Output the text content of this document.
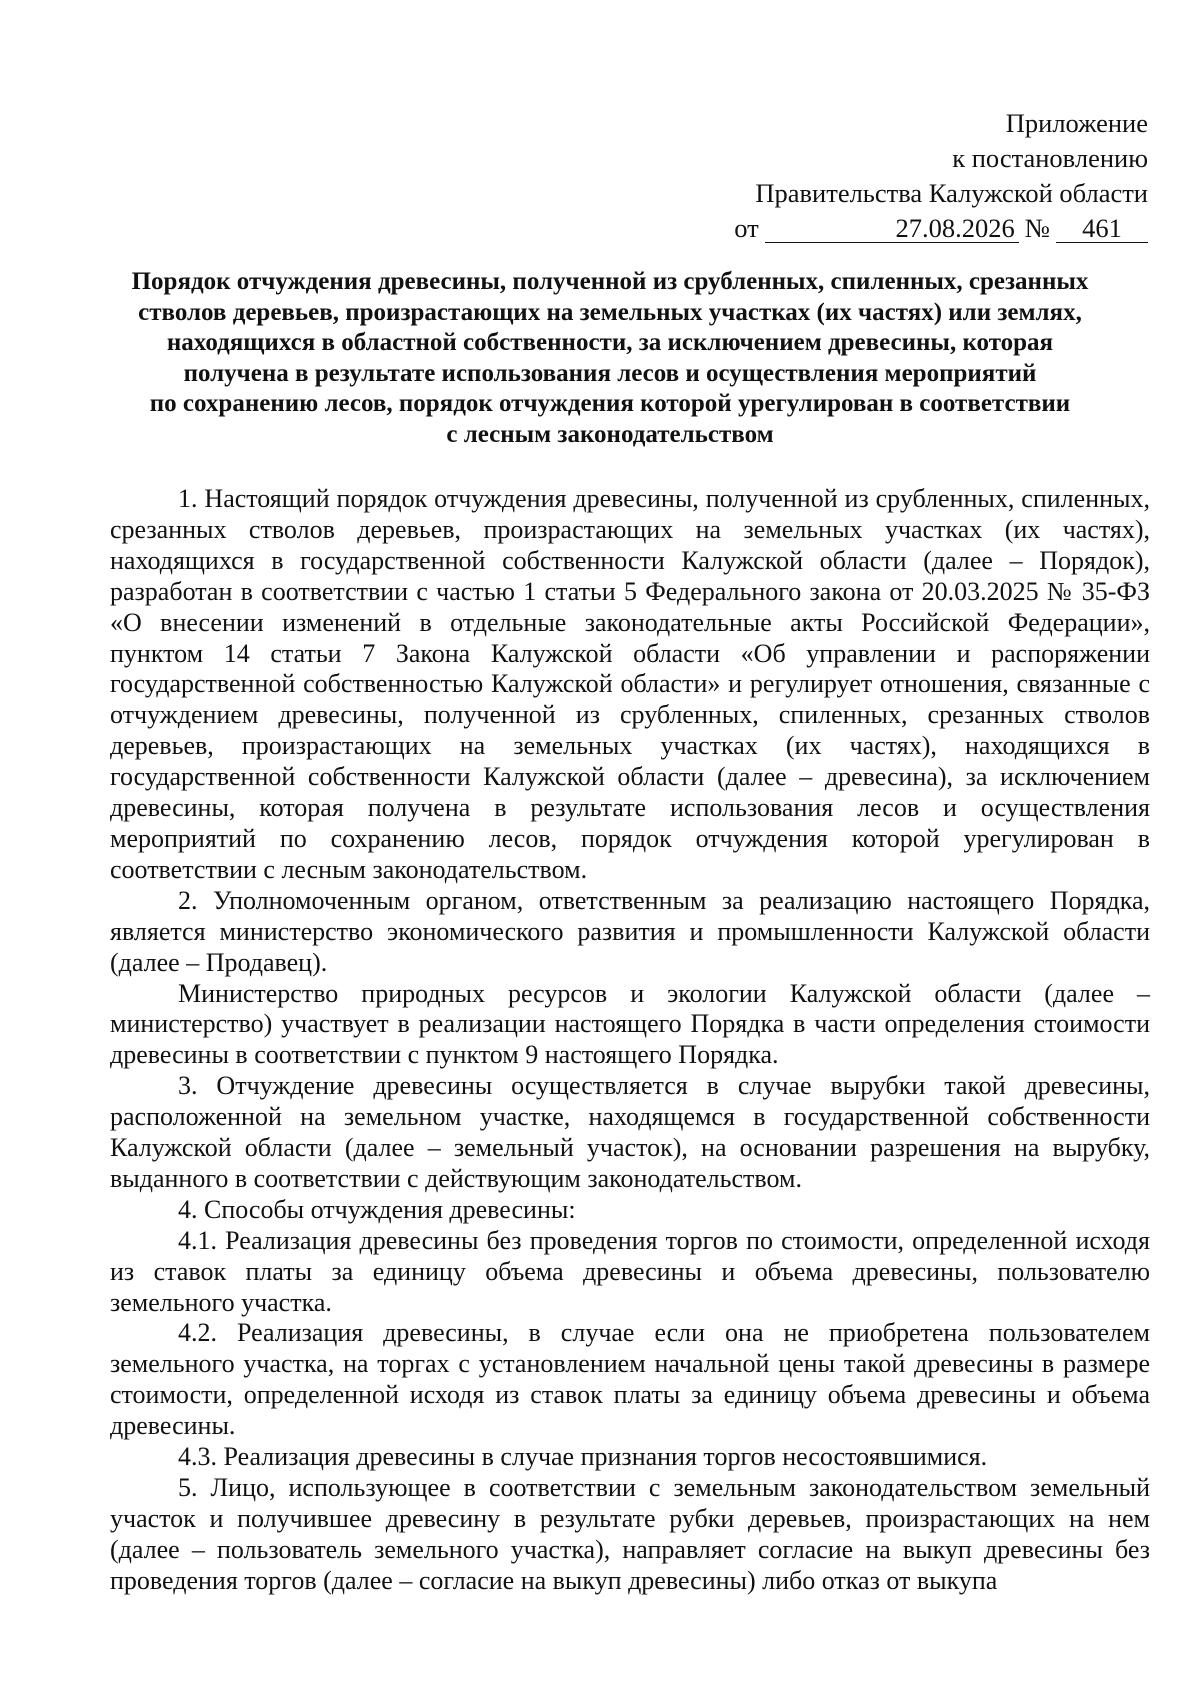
Приложение
к постановлению
Правительства Калужской области
от	27.08.2026 №	461
Порядок отчуждения древесины, полученной из срубленных, спиленных, срезанных
стволов деревьев, произрастающих на земельных участках (их частях) или землях,
находящихся в областной собственности, за исключением древесины, которая
получена в результате использования лесов и осуществления мероприятий
по сохранению лесов, порядок отчуждения которой урегулирован в соответствии
с лесным законодательством

1. Настоящий порядок отчуждения древесины, полученной из срубленных, спиленных, срезанных стволов деревьев, произрастающих на земельных участках (их частях), находящихся в государственной собственности Калужской области (далее – Порядок), разработан в соответствии с частью 1 статьи 5 Федерального закона от 20.03.2025 № 35-ФЗ «О внесении изменений в отдельные законодательные акты Российской Федерации», пунктом 14 статьи 7 Закона Калужской области «Об управлении и распоряжении государственной собственностью Калужской области» и регулирует отношения, связанные с отчуждением древесины, полученной из срубленных, спиленных, срезанных стволов деревьев, произрастающих на земельных участках (их частях), находящихся в государственной собственности Калужской области (далее – древесина), за исключением древесины, которая получена в результате использования лесов и осуществления мероприятий по сохранению лесов, порядок отчуждения которой урегулирован в соответствии с лесным законодательством.

2. Уполномоченным органом, ответственным за реализацию настоящего Порядка, является министерство экономического развития и промышленности Калужской области (далее – Продавец).

Министерство природных ресурсов и экологии Калужской области (далее – министерство) участвует в реализации настоящего Порядка в части определения стоимости древесины в соответствии с пунктом 9 настоящего Порядка.

3. Отчуждение древесины осуществляется в случае вырубки такой древесины, расположенной на земельном участке, находящемся в государственной собственности Калужской области (далее – земельный участок), на основании разрешения на вырубку, выданного в соответствии с действующим законодательством.

4. Способы отчуждения древесины:

4.1. Реализация древесины без проведения торгов по стоимости, определенной исходя из ставок платы за единицу объема древесины и объема древесины, пользователю земельного участка.

4.2. Реализация древесины, в случае если она не приобретена пользователем земельного участка, на торгах с установлением начальной цены такой древесины в размере стоимости, определенной исходя из ставок платы за единицу объема древесины и объема древесины.

4.3. Реализация древесины в случае признания торгов несостоявшимися.

5. Лицо, использующее в соответствии с земельным законодательством земельный участок и получившее древесину в результате рубки деревьев, произрастающих на нем (далее – пользователь земельного участка), направляет согласие на выкуп древесины без проведения торгов (далее – согласие на выкуп древесины) либо отказ от выкупа
